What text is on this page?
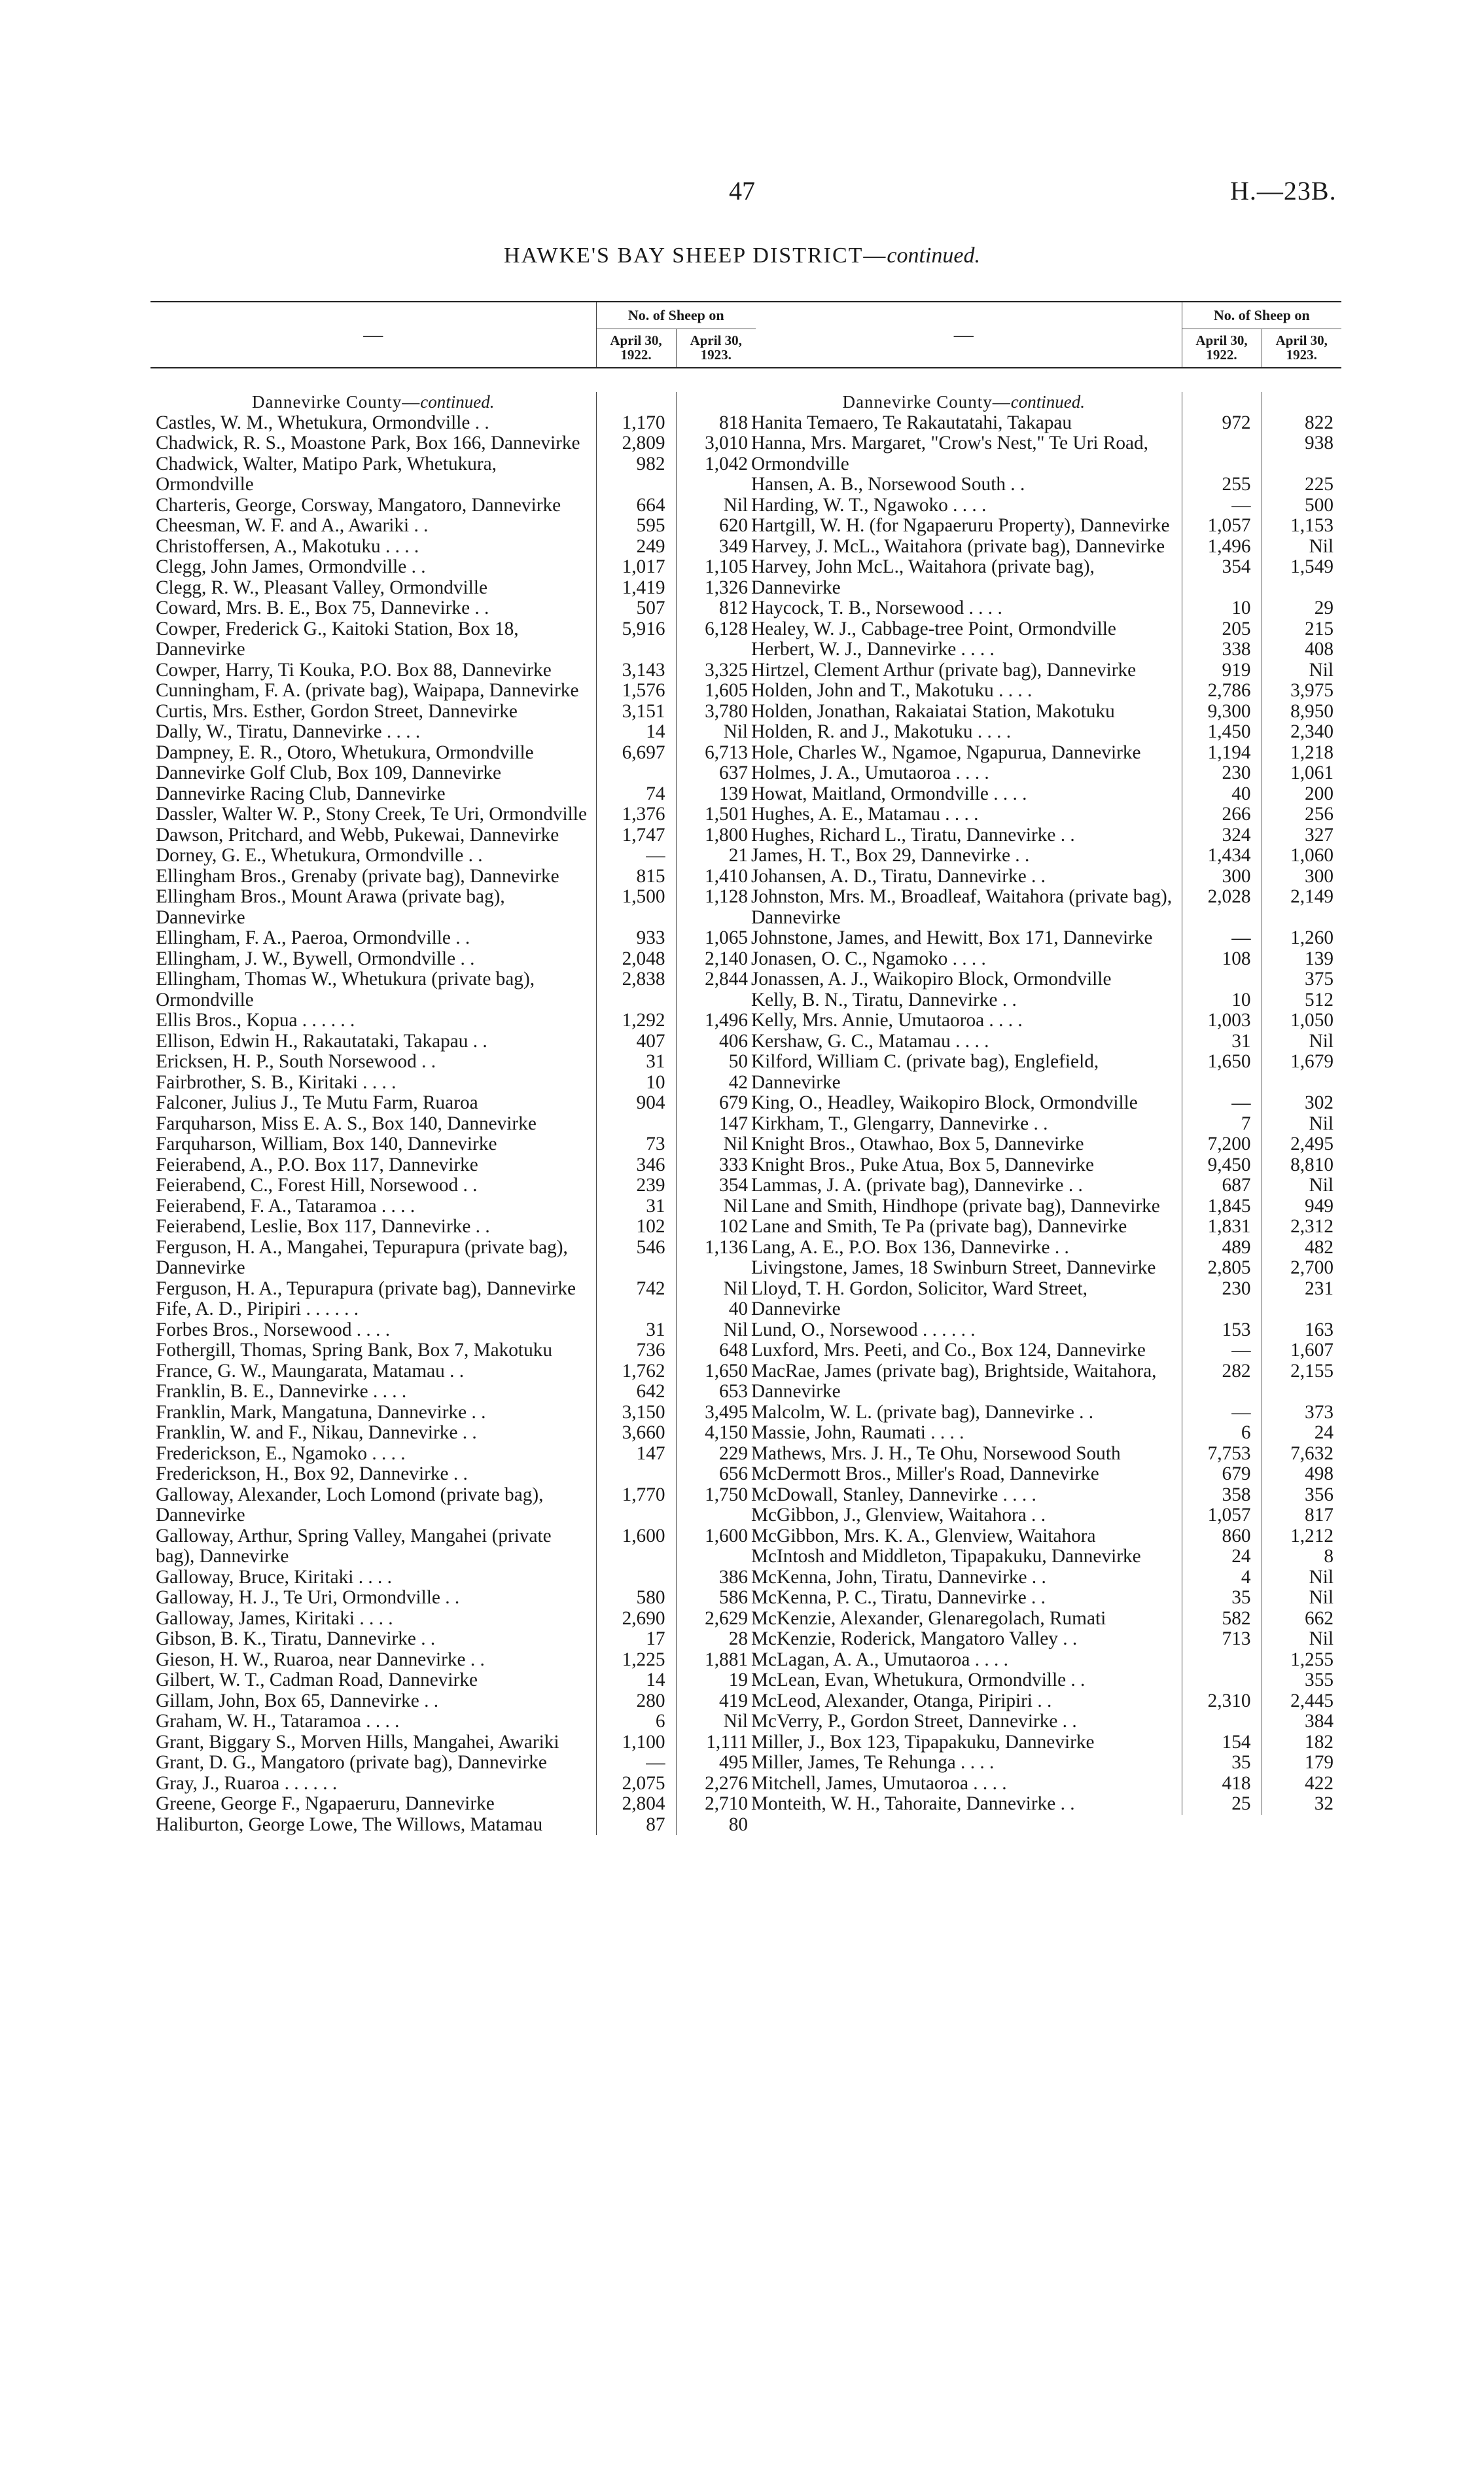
47	H.—23B.
HAWKE'S BAY SHEEP DISTRICT—continued.
—	No. of Sheep on	
	April 30,
1922.	April 30,
1923.

Dannevirke County—continued.		
Castles, W. M., Whetukura, Ormondville . .	1,170	818
Chadwick, R. S., Moastone Park, Box 166, Dannevirke	2,809	3,010
Chadwick, Walter, Matipo Park, Whetukura, Ormondville	982	1,042
Charteris, George, Corsway, Mangatoro, Dannevirke	664	Nil
Cheesman, W. F. and A., Awariki . .	595	620
Christoffersen, A., Makotuku . . . .	249	349
Clegg, John James, Ormondville . .	1,017	1,105
Clegg, R. W., Pleasant Valley, Ormondville	1,419	1,326
Coward, Mrs. B. E., Box 75, Dannevirke . .	507	812
Cowper, Frederick G., Kaitoki Station, Box 18, Dannevirke	5,916	6,128
Cowper, Harry, Ti Kouka, P.O. Box 88, Dannevirke	3,143	3,325
Cunningham, F. A. (private bag), Waipapa, Dannevirke	1,576	1,605
Curtis, Mrs. Esther, Gordon Street, Dannevirke	3,151	3,780
Dally, W., Tiratu, Dannevirke . . . .	14	Nil
Dampney, E. R., Otoro, Whetukura, Ormondville	6,697	6,713
Dannevirke Golf Club, Box 109, Dannevirke		637
Dannevirke Racing Club, Dannevirke	74	139
Dassler, Walter W. P., Stony Creek, Te Uri, Ormondville	1,376	1,501
Dawson, Pritchard, and Webb, Pukewai, Dannevirke	1,747	1,800
Dorney, G. E., Whetukura, Ormondville . .	—	21
Ellingham Bros., Grenaby (private bag), Dannevirke	815	1,410
Ellingham Bros., Mount Arawa (private bag), Dannevirke	1,500	1,128
Ellingham, F. A., Paeroa, Ormondville . .	933	1,065
Ellingham, J. W., Bywell, Ormondville . .	2,048	2,140
Ellingham, Thomas W., Whetukura (private bag), Ormondville	2,838	2,844
Ellis Bros., Kopua . . . . . .	1,292	1,496
Ellison, Edwin H., Rakautataki, Takapau . .	407	406
Ericksen, H. P., South Norsewood . .	31	50
Fairbrother, S. B., Kiritaki . . . .	10	42
Falconer, Julius J., Te Mutu Farm, Ruaroa	904	679
Farquharson, Miss E. A. S., Box 140, Dannevirke		147
Farquharson, William, Box 140, Dannevirke	73	Nil
Feierabend, A., P.O. Box 117, Dannevirke	346	333
Feierabend, C., Forest Hill, Norsewood . .	239	354
Feierabend, F. A., Tataramoa . . . .	31	Nil
Feierabend, Leslie, Box 117, Dannevirke . .	102	102
Ferguson, H. A., Mangahei, Tepurapura (private bag), Dannevirke	546	1,136
Ferguson, H. A., Tepurapura (private bag), Dannevirke	742	Nil
Fife, A. D., Piripiri . . . . . .		40
Forbes Bros., Norsewood . . . .	31	Nil
Fothergill, Thomas, Spring Bank, Box 7, Makotuku	736	648
France, G. W., Maungarata, Matamau . .	1,762	1,650
Franklin, B. E., Dannevirke . . . .	642	653
Franklin, Mark, Mangatuna, Dannevirke . .	3,150	3,495
Franklin, W. and F., Nikau, Dannevirke . .	3,660	4,150
Frederickson, E., Ngamoko . . . .	147	229
Frederickson, H., Box 92, Dannevirke . .		656
Galloway, Alexander, Loch Lomond (private bag), Dannevirke	1,770	1,750
Galloway, Arthur, Spring Valley, Mangahei (private bag), Dannevirke	1,600	1,600
Galloway, Bruce, Kiritaki . . . .		386
Galloway, H. J., Te Uri, Ormondville . .	580	586
Galloway, James, Kiritaki . . . .	2,690	2,629
Gibson, B. K., Tiratu, Dannevirke . .	17	28
Gieson, H. W., Ruaroa, near Dannevirke . .	1,225	1,881
Gilbert, W. T., Cadman Road, Dannevirke	14	19
Gillam, John, Box 65, Dannevirke . .	280	419
Graham, W. H., Tataramoa . . . .	6	Nil
Grant, Biggary S., Morven Hills, Mangahei, Awariki	1,100	1,111
Grant, D. G., Mangatoro (private bag), Dannevirke	—	495
Gray, J., Ruaroa . . . . . .	2,075	2,276
Greene, George F., Ngapaeruru, Dannevirke	2,804	2,710
Haliburton, George Lowe, The Willows, Matamau	87	80
—	No. of Sheep on	
	April 30,
1922.	April 30,
1923.

Dannevirke County—continued.		
Hanita Temaero, Te Rakautatahi, Takapau	972	822
Hanna, Mrs. Margaret, "Crow's Nest," Te Uri Road, Ormondville		938
Hansen, A. B., Norsewood South . .	255	225
Harding, W. T., Ngawoko . . . .	—	500
Hartgill, W. H. (for Ngapaeruru Property), Dannevirke	1,057	1,153
Harvey, J. McL., Waitahora (private bag), Dannevirke	1,496	Nil
Harvey, John McL., Waitahora (private bag), Dannevirke	354	1,549
Haycock, T. B., Norsewood . . . .	10	29
Healey, W. J., Cabbage-tree Point, Ormondville	205	215
Herbert, W. J., Dannevirke . . . .	338	408
Hirtzel, Clement Arthur (private bag), Dannevirke	919	Nil
Holden, John and T., Makotuku . . . .	2,786	3,975
Holden, Jonathan, Rakaiatai Station, Makotuku	9,300	8,950
Holden, R. and J., Makotuku . . . .	1,450	2,340
Hole, Charles W., Ngamoe, Ngapurua, Dannevirke	1,194	1,218
Holmes, J. A., Umutaoroa . . . .	230	1,061
Howat, Maitland, Ormondville . . . .	40	200
Hughes, A. E., Matamau . . . .	266	256
Hughes, Richard L., Tiratu, Dannevirke . .	324	327
James, H. T., Box 29, Dannevirke . .	1,434	1,060
Johansen, A. D., Tiratu, Dannevirke . .	300	300
Johnston, Mrs. M., Broadleaf, Waitahora (private bag), Dannevirke	2,028	2,149
Johnstone, James, and Hewitt, Box 171, Dannevirke	—	1,260
Jonasen, O. C., Ngamoko . . . .	108	139
Jonassen, A. J., Waikopiro Block, Ormondville		375
Kelly, B. N., Tiratu, Dannevirke . .	10	512
Kelly, Mrs. Annie, Umutaoroa . . . .	1,003	1,050
Kershaw, G. C., Matamau . . . .	31	Nil
Kilford, William C. (private bag), Englefield, Dannevirke	1,650	1,679
King, O., Headley, Waikopiro Block, Ormondville	—	302
Kirkham, T., Glengarry, Dannevirke . .	7	Nil
Knight Bros., Otawhao, Box 5, Dannevirke	7,200	2,495
Knight Bros., Puke Atua, Box 5, Dannevirke	9,450	8,810
Lammas, J. A. (private bag), Dannevirke . .	687	Nil
Lane and Smith, Hindhope (private bag), Dannevirke	1,845	949
Lane and Smith, Te Pa (private bag), Dannevirke	1,831	2,312
Lang, A. E., P.O. Box 136, Dannevirke . .	489	482
Livingstone, James, 18 Swinburn Street, Dannevirke	2,805	2,700
Lloyd, T. H. Gordon, Solicitor, Ward Street, Dannevirke	230	231
Lund, O., Norsewood . . . . . .	153	163
Luxford, Mrs. Peeti, and Co., Box 124, Dannevirke	—	1,607
MacRae, James (private bag), Brightside, Waitahora, Dannevirke	282	2,155
Malcolm, W. L. (private bag), Dannevirke . .	—	373
Massie, John, Raumati . . . .	6	24
Mathews, Mrs. J. H., Te Ohu, Norsewood South	7,753	7,632
McDermott Bros., Miller's Road, Dannevirke	679	498
McDowall, Stanley, Dannevirke . . . .	358	356
McGibbon, J., Glenview, Waitahora . .	1,057	817
McGibbon, Mrs. K. A., Glenview, Waitahora	860	1,212
McIntosh and Middleton, Tipapakuku, Dannevirke	24	8
McKenna, John, Tiratu, Dannevirke . .	4	Nil
McKenna, P. C., Tiratu, Dannevirke . .	35	Nil
McKenzie, Alexander, Glenaregolach, Rumati	582	662
McKenzie, Roderick, Mangatoro Valley . .	713	Nil
McLagan, A. A., Umutaoroa . . . .		1,255
McLean, Evan, Whetukura, Ormondville . .		355
McLeod, Alexander, Otanga, Piripiri . .	2,310	2,445
McVerry, P., Gordon Street, Dannevirke . .		384
Miller, J., Box 123, Tipapakuku, Dannevirke	154	182
Miller, James, Te Rehunga . . . .	35	179
Mitchell, James, Umutaoroa . . . .	418	422
Monteith, W. H., Tahoraite, Dannevirke . .	25	32
